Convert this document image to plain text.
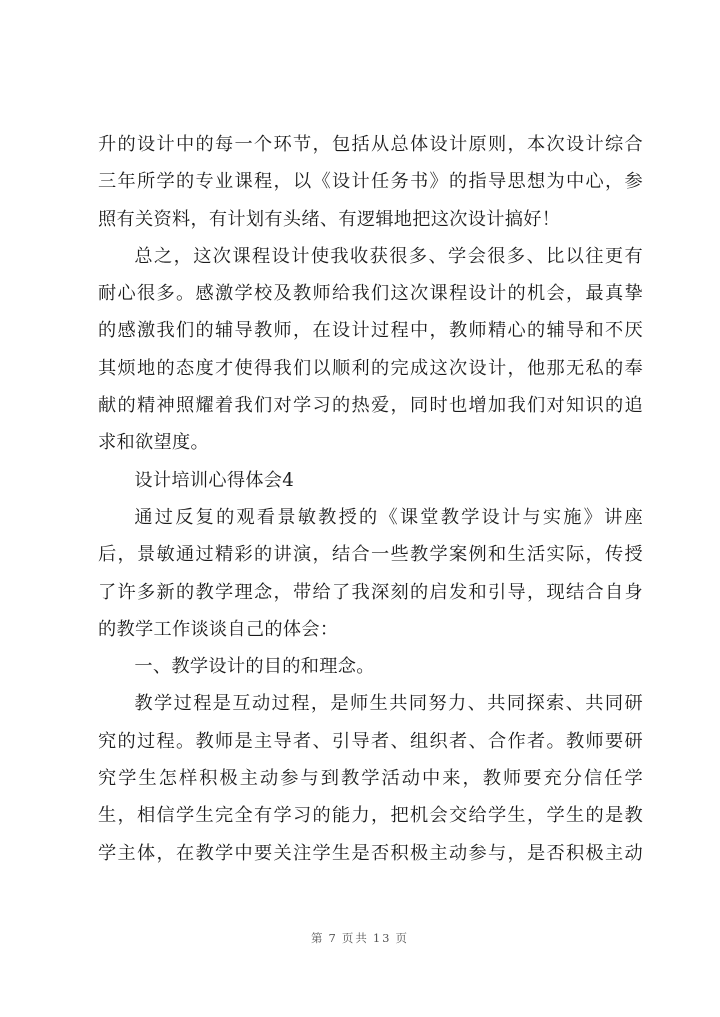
升的设计中的每一个环节，包括从总体设计原则，本次设计综合
三年所学的专业课程，以《设计任务书》的指导思想为中心，参
照有关资料，有计划有头绪、有逻辑地把这次设计搞好！

总之，这次课程设计使我收获很多、学会很多、比以往更有
耐心很多。感激学校及教师给我们这次课程设计的机会，最真挚
的感激我们的辅导教师，在设计过程中，教师精心的辅导和不厌
其烦地的态度才使得我们以顺利的完成这次设计，他那无私的奉
献的精神照耀着我们对学习的热爱，同时也增加我们对知识的追
求和欲望度。

设计培训心得体会4

通过反复的观看景敏教授的《课堂教学设计与实施》讲座
后，景敏通过精彩的讲演，结合一些教学案例和生活实际，传授
了许多新的教学理念，带给了我深刻的启发和引导，现结合自身
的教学工作谈谈自己的体会：

一、教学设计的目的和理念。

教学过程是互动过程，是师生共同努力、共同探索、共同研
究的过程。教师是主导者、引导者、组织者、合作者。教师要研
究学生怎样积极主动参与到教学活动中来，教师要充分信任学
生，相信学生完全有学习的能力，把机会交给学生，学生的是教
学主体，在教学中要关注学生是否积极主动参与，是否积极主动

第 7 页共 13 页
